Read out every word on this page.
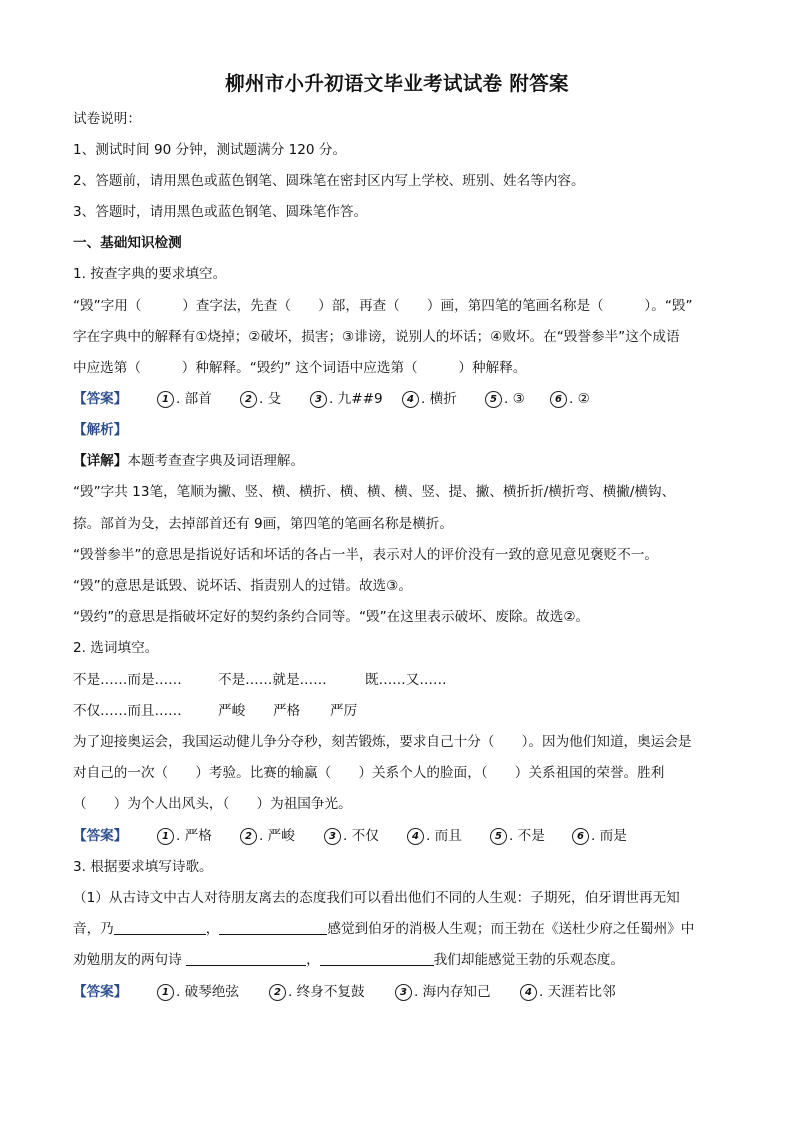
柳州市小升初语文毕业考试试卷 附答案
试卷说明：
1、测试时间 90 分钟，测试题满分 120 分。
2、答题前，请用黑色或蓝色钢笔、圆珠笔在密封区内写上学校、班别、姓名等内容。
3、答题时，请用黑色或蓝色钢笔、圆珠笔作答。
一、基础知识检测
1. 按查字典的要求填空。
“毁”字用（　　　）查字法，先查（　　）部，再查（　　）画，第四笔的笔画名称是（　　　）。“毁”
字在字典中的解释有①烧掉；②破坏，损害；③诽谤，说别人的坏话；④败坏。在“毁誉参半”这个成语
中应选第（　　　）种解释。“毁约” 这个词语中应选第（　　　）种解释。
【答案】	1 . 部首	2 . 殳	3 . 九##9	4 . 横折	5 . ③	6 . ②
【解析】
【详解】本题考查查字典及词语理解。
“毁”字共 13笔，笔顺为撇、竖、横、横折、横、横、横、竖、提、撇、横折折/横折弯、横撇/横钩、
捺。部首为殳，去掉部首还有 9画，第四笔的笔画名称是横折。
“毁誉参半”的意思是指说好话和坏话的各占一半，表示对人的评价没有一致的意见意见褒贬不一。
“毁”的意思是诋毁、说坏话、指责别人的过错。故选③。
“毁约”的意思是指破坏定好的契约条约合同等。“毁”在这里表示破坏、废除。故选②。
2. 选词填空。
不是……而是……	不是……就是……	既……又……
不仅……而且……	严峻 严格 严厉
为了迎接奥运会，我国运动健儿争分夺秒，刻苦锻炼，要求自己十分（　　）。因为他们知道，奥运会是
对自己的一次（　　）考验。比赛的输赢（　　）关系个人的脸面，（　　）关系祖国的荣誉。胜利
（　　）为个人出风头，（　　）为祖国争光。
【答案】	1 . 严格	2 . 严峻	3 . 不仅	4 . 而且	5 . 不是	6 . 而是
3. 根据要求填写诗歌。
（1）从古诗文中古人对待朋友离去的态度我们可以看出他们不同的人生观：子期死，伯牙谓世再无知
音，乃	，	感觉到伯牙的消极人生观；而王勃在《送杜少府之任蜀州》中
劝勉朋友的两句诗	，	我们却能感觉王勃的乐观态度。
【答案】	1 . 破琴绝弦	2 . 终身不复鼓	3 . 海内存知己	4 . 天涯若比邻
